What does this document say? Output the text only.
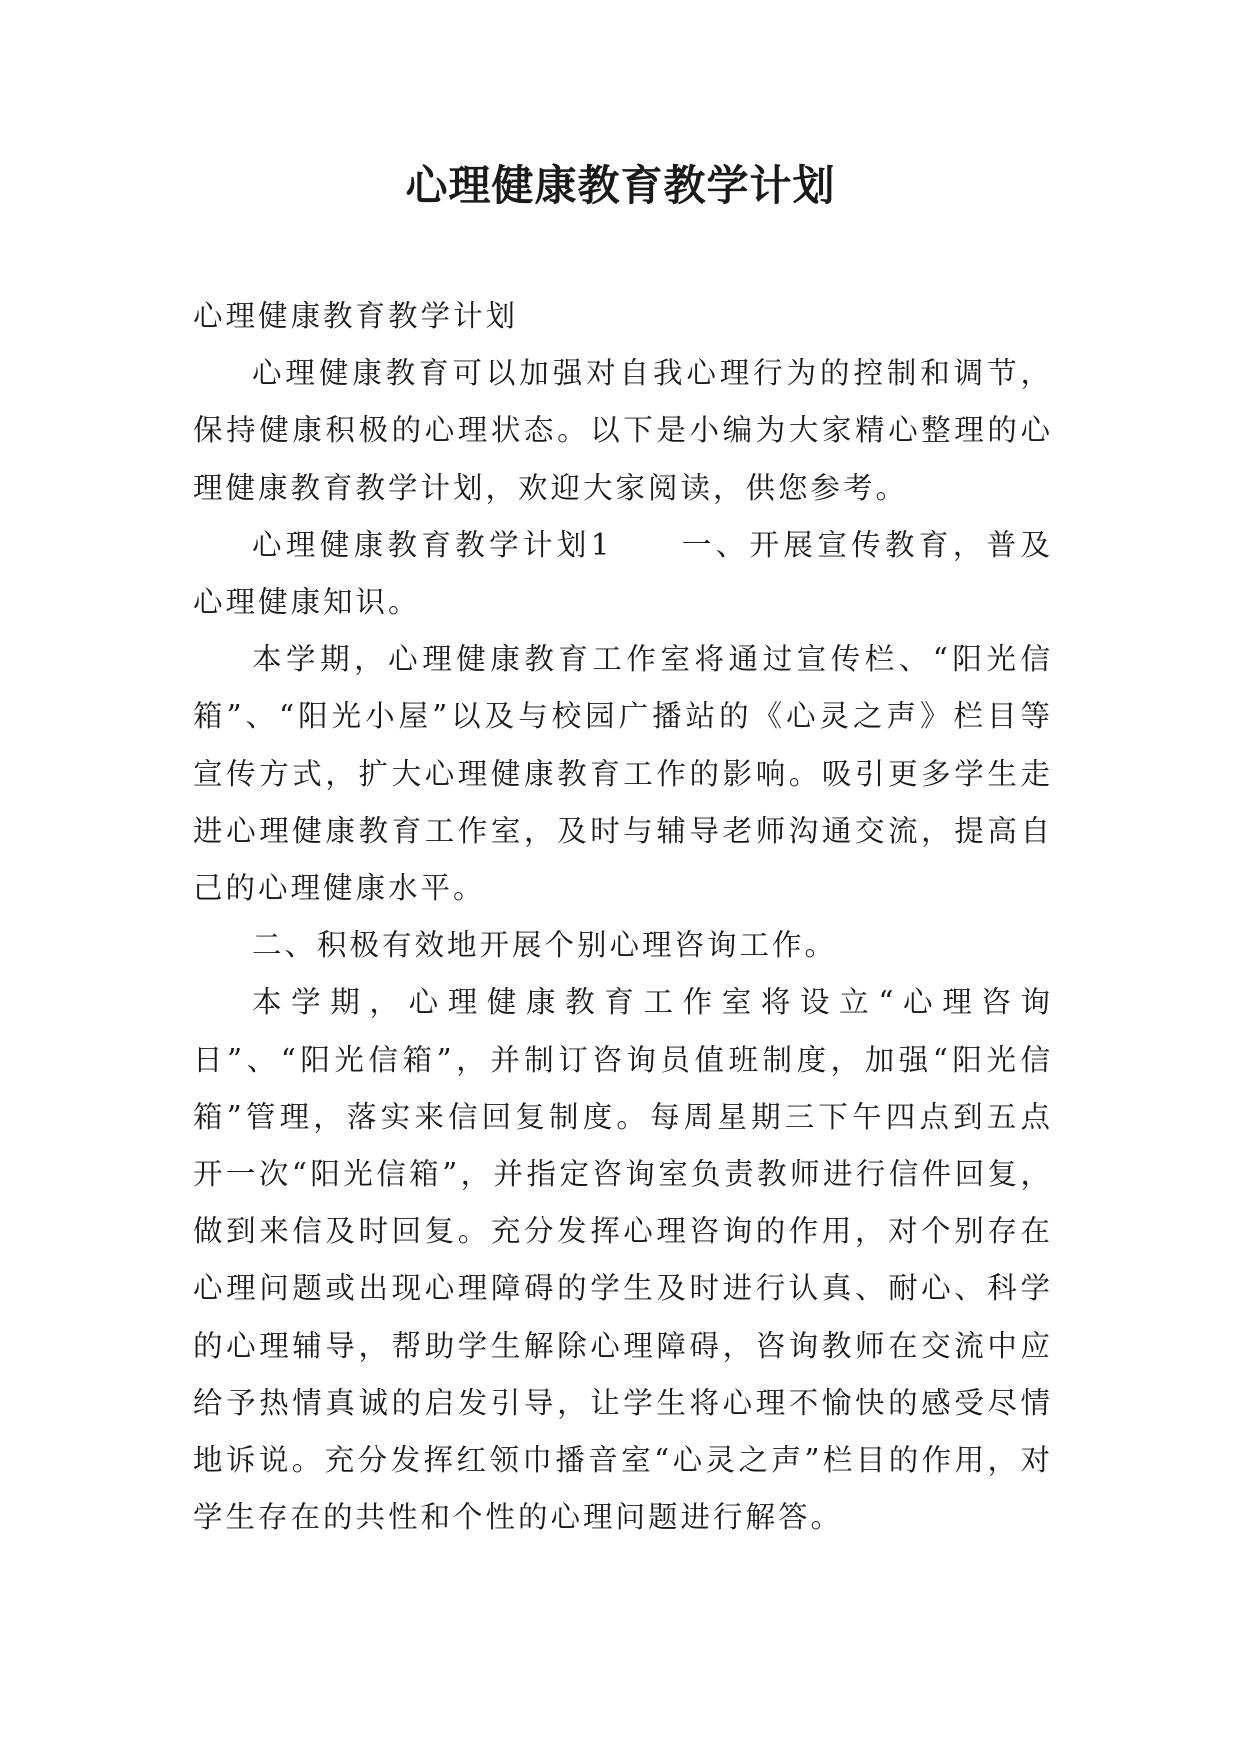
心理健康教育教学计划

心理健康教育教学计划

心理健康教育可以加强对自我心理行为的控制和调节，保持健康积极的心理状态。以下是小编为大家精心整理的心理健康教育教学计划，欢迎大家阅读，供您参考。

心理健康教育教学计划1　　一、开展宣传教育，普及心理健康知识。

本学期，心理健康教育工作室将通过宣传栏、“阳光信箱”、“阳光小屋”以及与校园广播站的《心灵之声》栏目等宣传方式，扩大心理健康教育工作的影响。吸引更多学生走进心理健康教育工作室，及时与辅导老师沟通交流，提高自己的心理健康水平。

二、积极有效地开展个别心理咨询工作。

本学期，心理健康教育工作室将设立“心理咨询日”、“阳光信箱”，并制订咨询员值班制度，加强“阳光信箱”管理，落实来信回复制度。每周星期三下午四点到五点开一次“阳光信箱”，并指定咨询室负责教师进行信件回复，做到来信及时回复。充分发挥心理咨询的作用，对个别存在心理问题或出现心理障碍的学生及时进行认真、耐心、科学的心理辅导，帮助学生解除心理障碍，咨询教师在交流中应给予热情真诚的启发引导，让学生将心理不愉快的感受尽情地诉说。充分发挥红领巾播音室“心灵之声”栏目的作用，对学生存在的共性和个性的心理问题进行解答。
